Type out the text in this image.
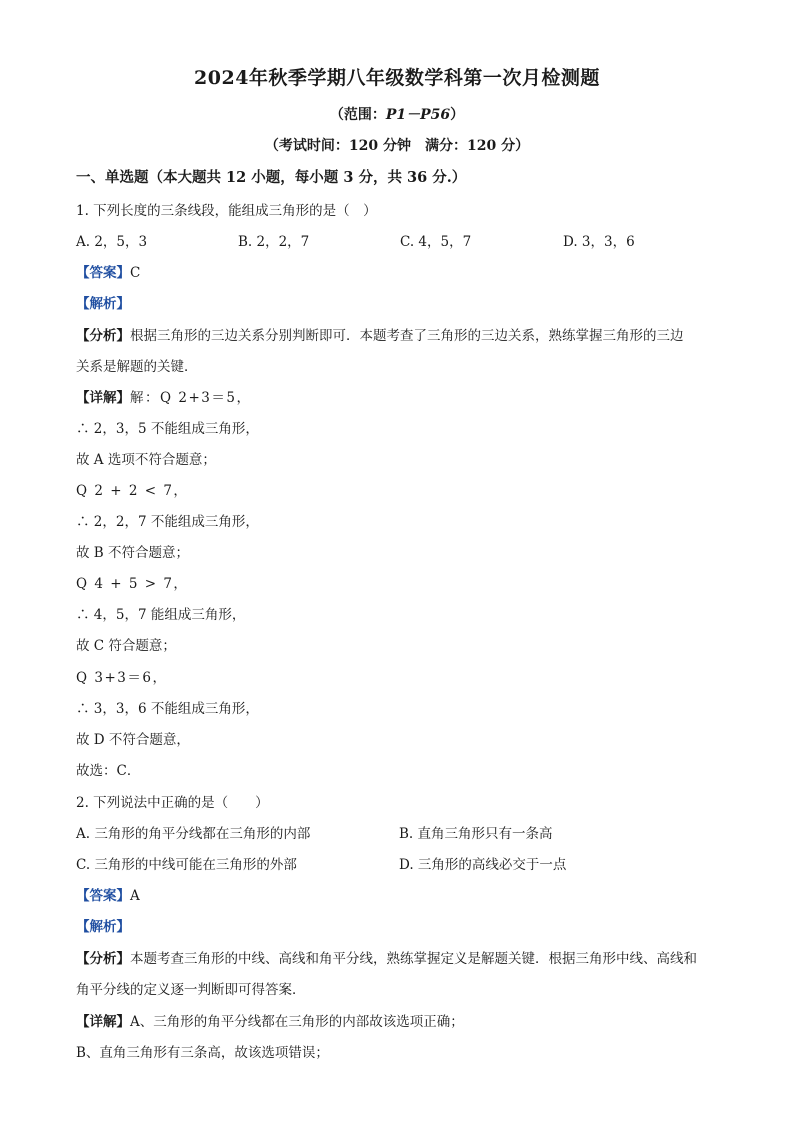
2024年秋季学期八年级数学科第一次月检测题
（范围：P1－P56）
（考试时间：120 分钟　满分：120 分）
一、单选题（本大题共 12 小题，每小题 3 分，共 36 分.）
1. 下列长度的三条线段，能组成三角形的是（　）
A. 2，5，3	B. 2，2，7	C. 4，5，7	D. 3，3，6
【答案】C
【解析】
【分析】根据三角形的三边关系分别判断即可．本题考查了三角形的三边关系，熟练掌握三角形的三边
关系是解题的关键．
【详解】解：Q 2+3＝5，
∴ 2，3，5 不能组成三角形，
故 A 选项不符合题意；
Q 2 + 2 < 7，
∴ 2，2，7 不能组成三角形，
故 B 不符合题意；
Q 4 + 5 > 7，
∴ 4，5，7 能组成三角形，
故 C 符合题意；
Q 3+3＝6，
∴ 3，3，6 不能组成三角形，
故 D 不符合题意，
故选：C．
2. 下列说法中正确的是（　　）
A. 三角形的角平分线都在三角形的内部	B. 直角三角形只有一条高
C. 三角形的中线可能在三角形的外部	D. 三角形的高线必交于一点
【答案】A
【解析】
【分析】本题考查三角形的中线、高线和角平分线，熟练掌握定义是解题关键．根据三角形中线、高线和
角平分线的定义逐一判断即可得答案．
【详解】A、三角形的角平分线都在三角形的内部故该选项正确；
B、直角三角形有三条高，故该选项错误；
